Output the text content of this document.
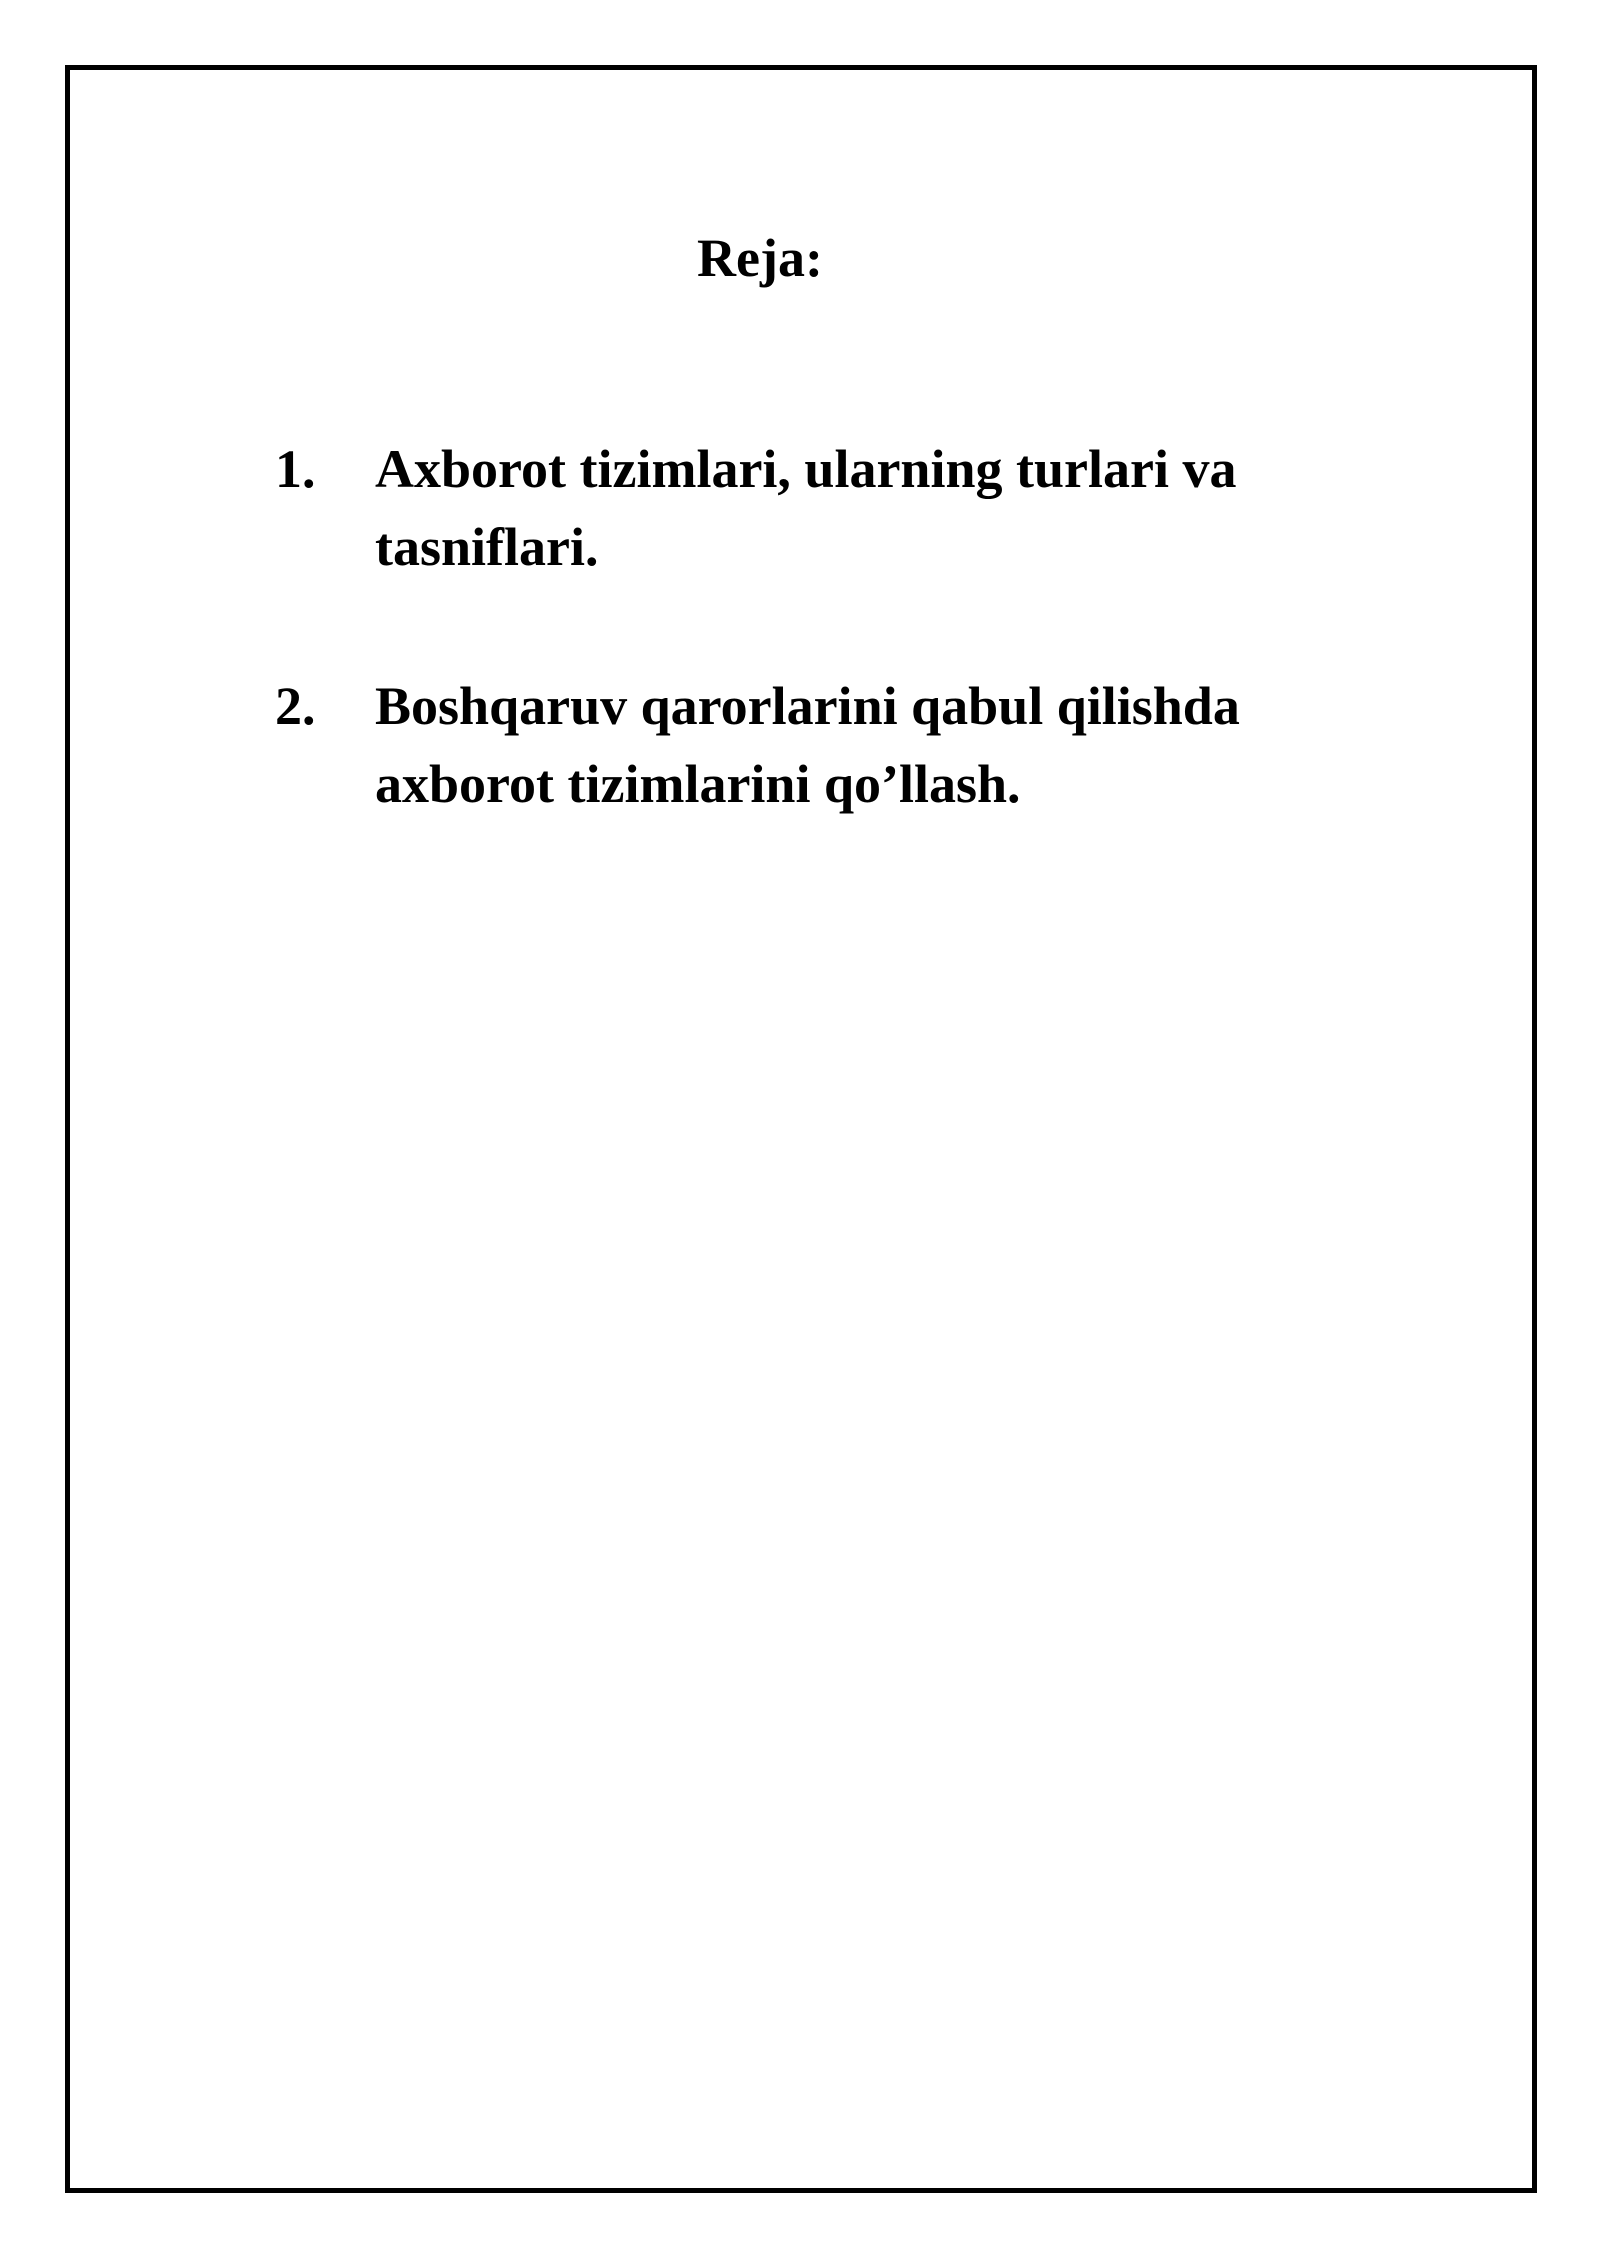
Reja:
1. Axborot tizimlari, ularning turlari va tasniflari.
2. Boshqaruv qarorlarini qabul qilishda axborot tizimlarini qo’llash.
